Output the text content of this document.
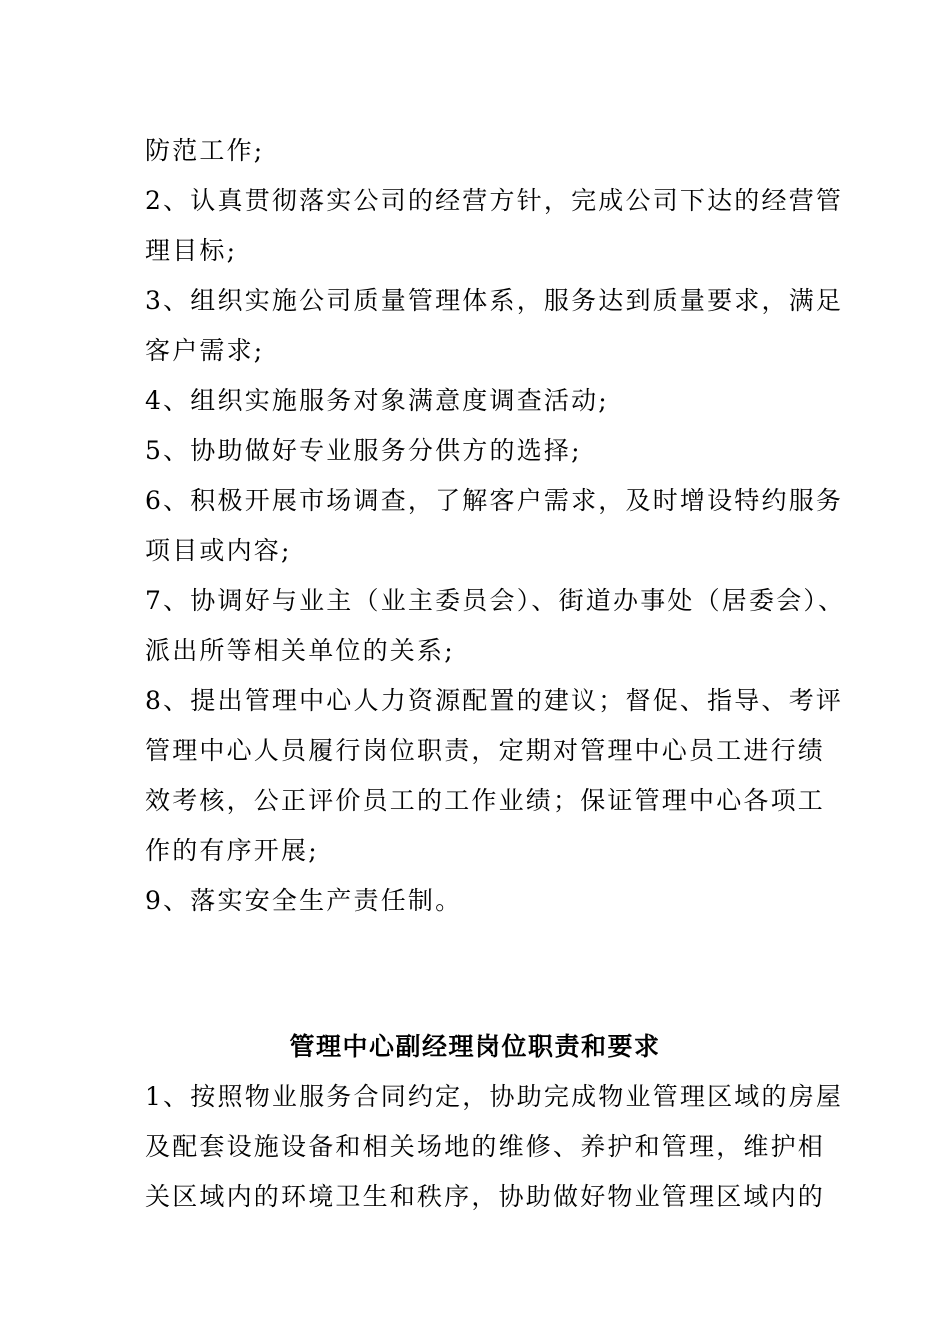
防范工作;
2、认真贯彻落实公司的经营方针，完成公司下达的经营管
理目标;
3、组织实施公司质量管理体系，服务达到质量要求，满足
客户需求;
4、组织实施服务对象满意度调查活动;
5、协助做好专业服务分供方的选择;
6、积极开展市场调查，了解客户需求，及时增设特约服务
项目或内容;
7、协调好与业主（业主委员会）、街道办事处（居委会）、
派出所等相关单位的关系;
8、提出管理中心人力资源配置的建议；督促、指导、考评
管理中心人员履行岗位职责，定期对管理中心员工进行绩
效考核，公正评价员工的工作业绩；保证管理中心各项工
作的有序开展;
9、落实安全生产责任制。
管理中心副经理岗位职责和要求
1、按照物业服务合同约定，协助完成物业管理区域的房屋
及配套设施设备和相关场地的维修、养护和管理，维护相
关区域内的环境卫生和秩序，协助做好物业管理区域内的
